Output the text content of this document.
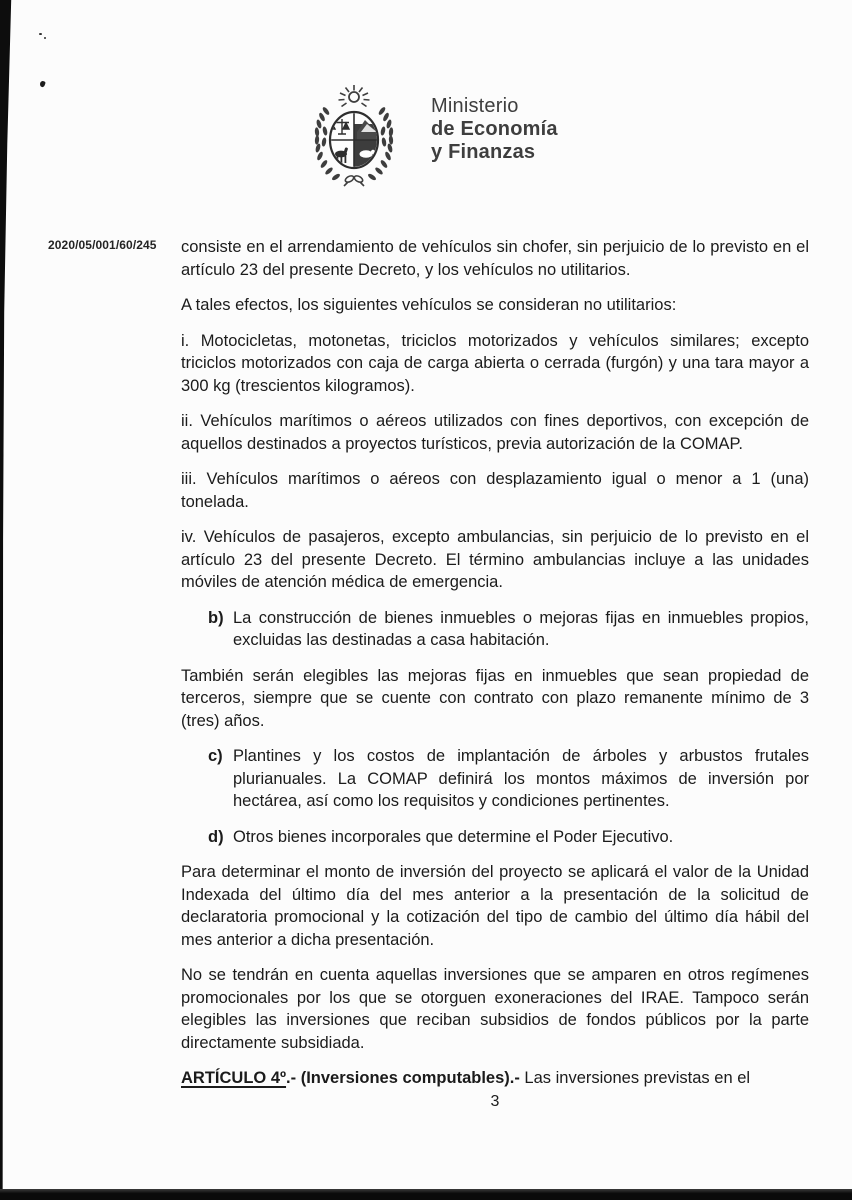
Ministerio
de Economía
y Finanzas
2020/05/001/60/245 consiste en el arrendamiento de vehículos sin chofer, sin perjuicio de lo previsto en el artículo 23 del presente Decreto, y los vehículos no utilitarios.

A tales efectos, los siguientes vehículos se consideran no utilitarios:

i. Motocicletas, motonetas, triciclos motorizados y vehículos similares; excepto triciclos motorizados con caja de carga abierta o cerrada (furgón) y una tara mayor a 300 kg (trescientos kilogramos).

ii. Vehículos marítimos o aéreos utilizados con fines deportivos, con excepción de aquellos destinados a proyectos turísticos, previa autorización de la COMAP.

iii. Vehículos marítimos o aéreos con desplazamiento igual o menor a 1 (una) tonelada.

iv. Vehículos de pasajeros, excepto ambulancias, sin perjuicio de lo previsto en el artículo 23 del presente Decreto. El término ambulancias incluye a las unidades móviles de atención médica de emergencia.

b) La construcción de bienes inmuebles o mejoras fijas en inmuebles propios, excluidas las destinadas a casa habitación.

También serán elegibles las mejoras fijas en inmuebles que sean propiedad de terceros, siempre que se cuente con contrato con plazo remanente mínimo de 3 (tres) años.

c) Plantines y los costos de implantación de árboles y arbustos frutales plurianuales. La COMAP definirá los montos máximos de inversión por hectárea, así como los requisitos y condiciones pertinentes.
d) Otros bienes incorporales que determine el Poder Ejecutivo.

Para determinar el monto de inversión del proyecto se aplicará el valor de la Unidad Indexada del último día del mes anterior a la presentación de la solicitud de declaratoria promocional y la cotización del tipo de cambio del último día hábil del mes anterior a dicha presentación.

No se tendrán en cuenta aquellas inversiones que se amparen en otros regímenes promocionales por los que se otorguen exoneraciones del IRAE. Tampoco serán elegibles las inversiones que reciban subsidios de fondos públicos por la parte directamente subsidiada.

ARTÍCULO 4º.- (Inversiones computables).- Las inversiones previstas en el

3
